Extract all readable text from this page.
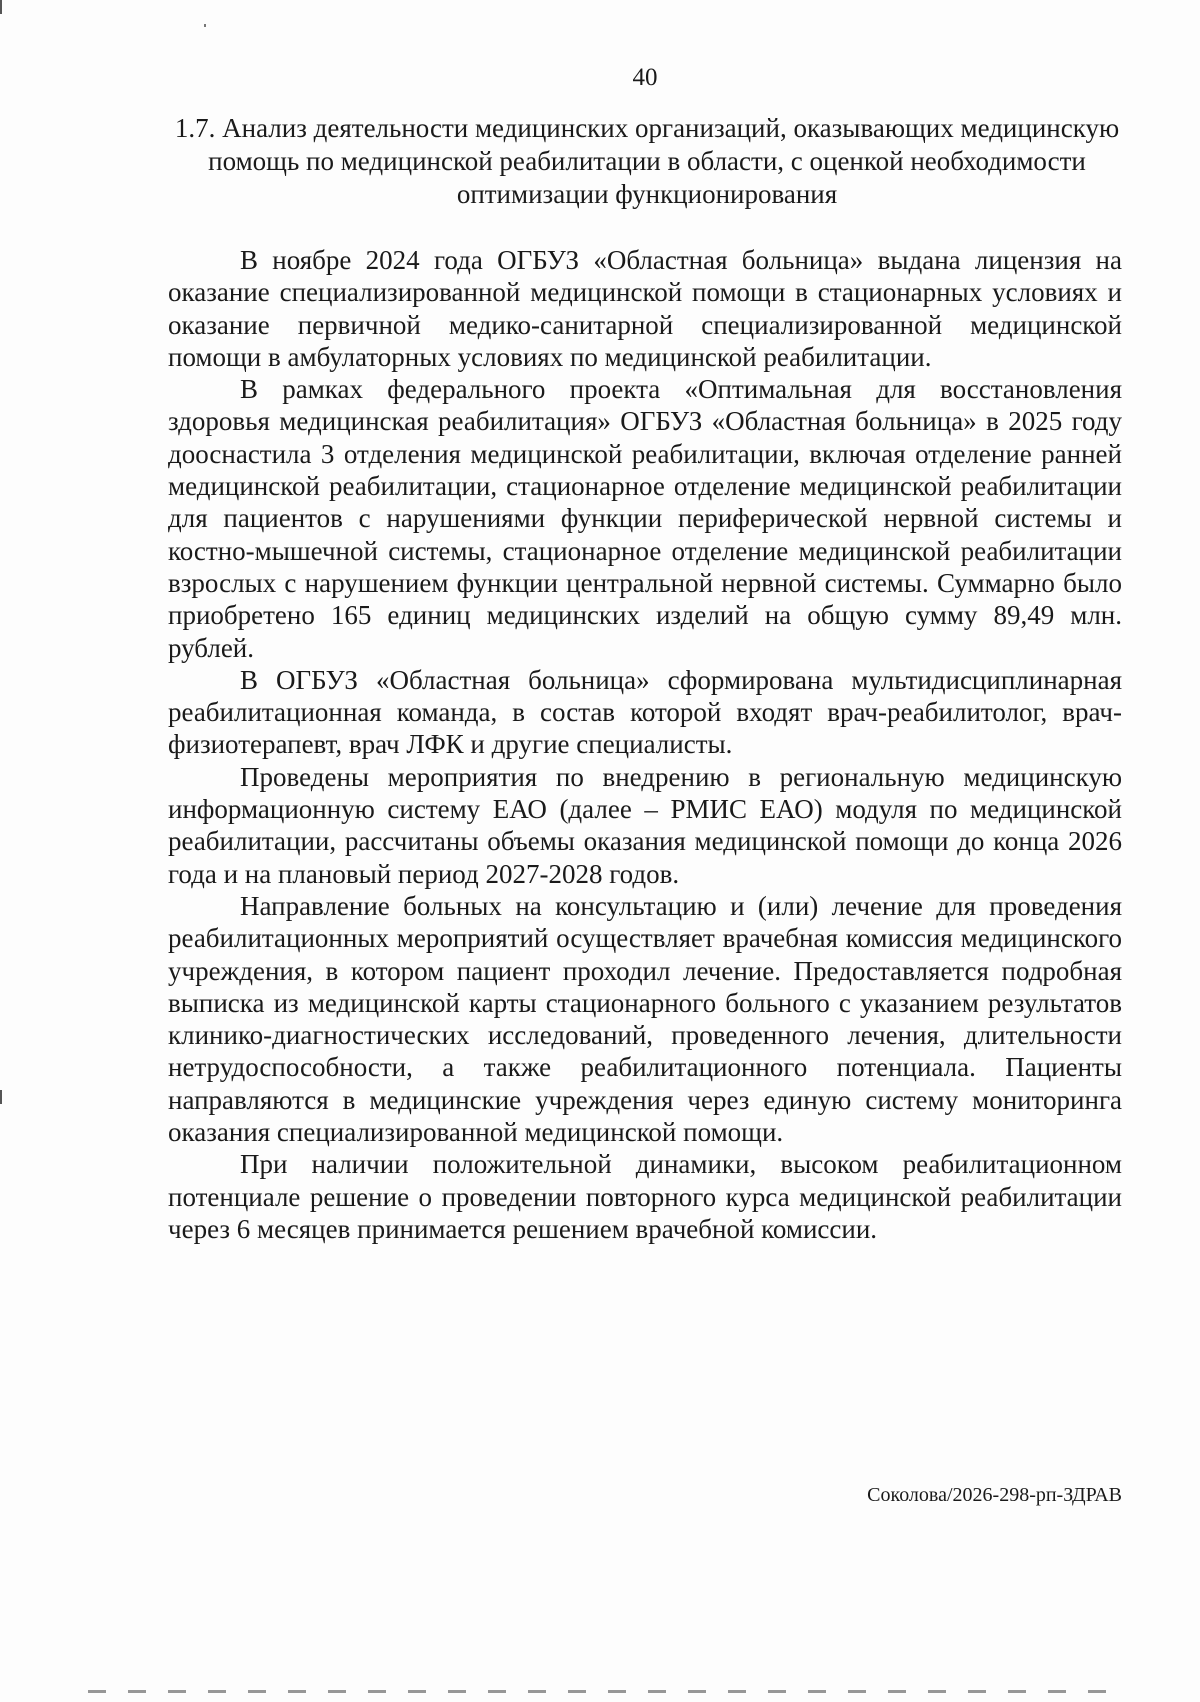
40
1.7. Анализ деятельности медицинских организаций, оказывающих медицинскую помощь по медицинской реабилитации в области, с оценкой необходимости оптимизации функционирования

В ноябре 2024 года ОГБУЗ «Областная больница» выдана лицензия на оказание специализированной медицинской помощи в стационарных условиях и оказание первичной медико-санитарной специализированной медицинской помощи в амбулаторных условиях по медицинской реабилитации.

В рамках федерального проекта «Оптимальная для восстановления здоровья медицинская реабилитация» ОГБУЗ «Областная больница» в 2025 году дооснастила 3 отделения медицинской реабилитации, включая отделение ранней медицинской реабилитации, стационарное отделение медицинской реабилитации для пациентов с нарушениями функции периферической нервной системы и костно-мышечной системы, стационарное отделение медицинской реабилитации взрослых с нарушением функции центральной нервной системы. Суммарно было приобретено 165 единиц медицинских изделий на общую сумму 89,49 млн. рублей.

В ОГБУЗ «Областная больница» сформирована мультидисциплинарная реабилитационная команда, в состав которой входят врач-реабилитолог, врач-физиотерапевт, врач ЛФК и другие специалисты.

Проведены мероприятия по внедрению в региональную медицинскую информационную систему ЕАО (далее – РМИС ЕАО) модуля по медицинской реабилитации, рассчитаны объемы оказания медицинской помощи до конца 2026 года и на плановый период 2027-2028 годов.

Направление больных на консультацию и (или) лечение для проведения реабилитационных мероприятий осуществляет врачебная комиссия медицинского учреждения, в котором пациент проходил лечение. Предоставляется подробная выписка из медицинской карты стационарного больного с указанием результатов клинико-диагностических исследований, проведенного лечения, длительности нетрудоспособности, а также реабилитационного потенциала. Пациенты направляются в медицинские учреждения через единую систему мониторинга оказания специализированной медицинской помощи.

При наличии положительной динамики, высоком реабилитационном потенциале решение о проведении повторного курса медицинской реабилитации через 6 месяцев принимается решением врачебной комиссии.

Соколова/2026-298-рп-ЗДРАВ
